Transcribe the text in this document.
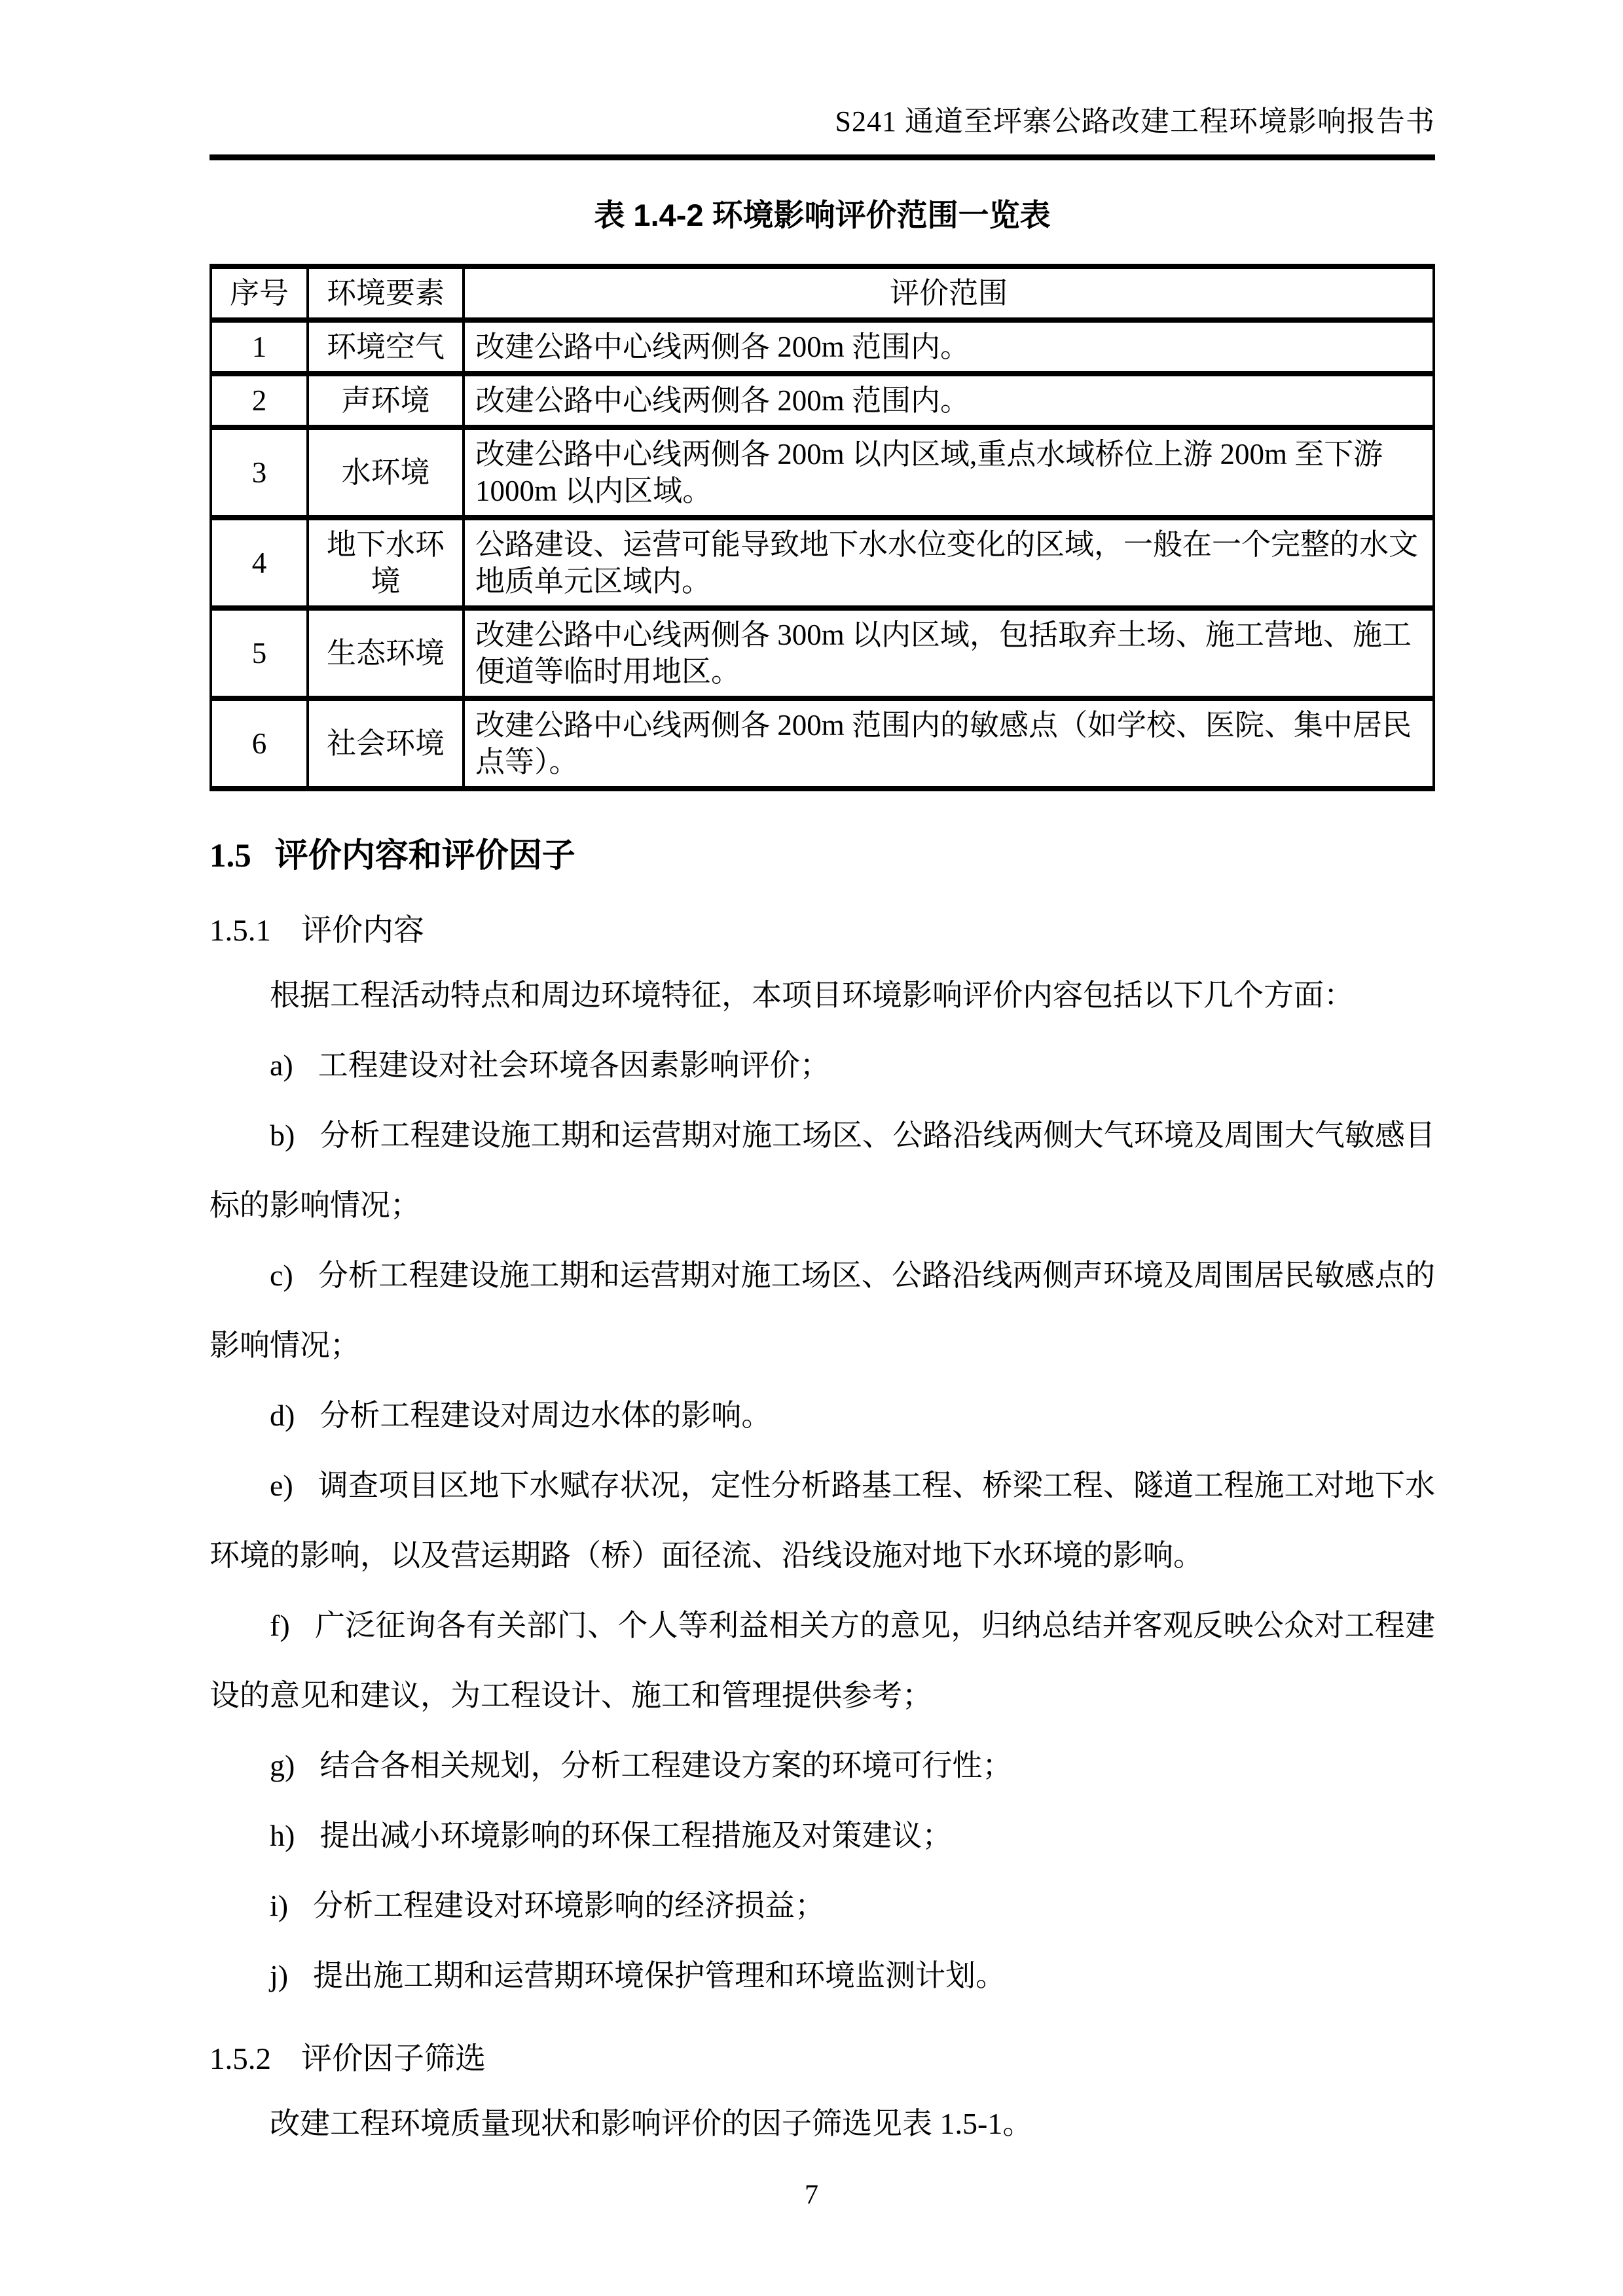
S241 通道至坪寨公路改建工程环境影响报告书
表 1.4-2 环境影响评价范围一览表
序号	环境要素	评价范围
1	环境空气	改建公路中心线两侧各 200m 范围内。
2	声环境	改建公路中心线两侧各 200m 范围内。
3	水环境	改建公路中心线两侧各 200m 以内区域,重点水域桥位上游 200m 至下游 1000m 以内区域。
4	地下水环境	公路建设、运营可能导致地下水水位变化的区域，一般在一个完整的水文地质单元区域内。
5	生态环境	改建公路中心线两侧各 300m 以内区域，包括取弃土场、施工营地、施工便道等临时用地区。
6	社会环境	改建公路中心线两侧各 200m 范围内的敏感点（如学校、医院、集中居民点等）。
1.5 评价内容和评价因子
1.5.1 评价内容

根据工程活动特点和周边环境特征，本项目环境影响评价内容包括以下几个方面：

a) 工程建设对社会环境各因素影响评价；

b) 分析工程建设施工期和运营期对施工场区、公路沿线两侧大气环境及周围大气敏感目标的影响情况；

c) 分析工程建设施工期和运营期对施工场区、公路沿线两侧声环境及周围居民敏感点的影响情况；

d) 分析工程建设对周边水体的影响。

e) 调查项目区地下水赋存状况，定性分析路基工程、桥梁工程、隧道工程施工对地下水环境的影响，以及营运期路（桥）面径流、沿线设施对地下水环境的影响。

f) 广泛征询各有关部门、个人等利益相关方的意见，归纳总结并客观反映公众对工程建设的意见和建议，为工程设计、施工和管理提供参考；

g) 结合各相关规划，分析工程建设方案的环境可行性；

h) 提出减小环境影响的环保工程措施及对策建议；

i) 分析工程建设对环境影响的经济损益；

j) 提出施工期和运营期环境保护管理和环境监测计划。

1.5.2 评价因子筛选

改建工程环境质量现状和影响评价的因子筛选见表 1.5-1。

7
